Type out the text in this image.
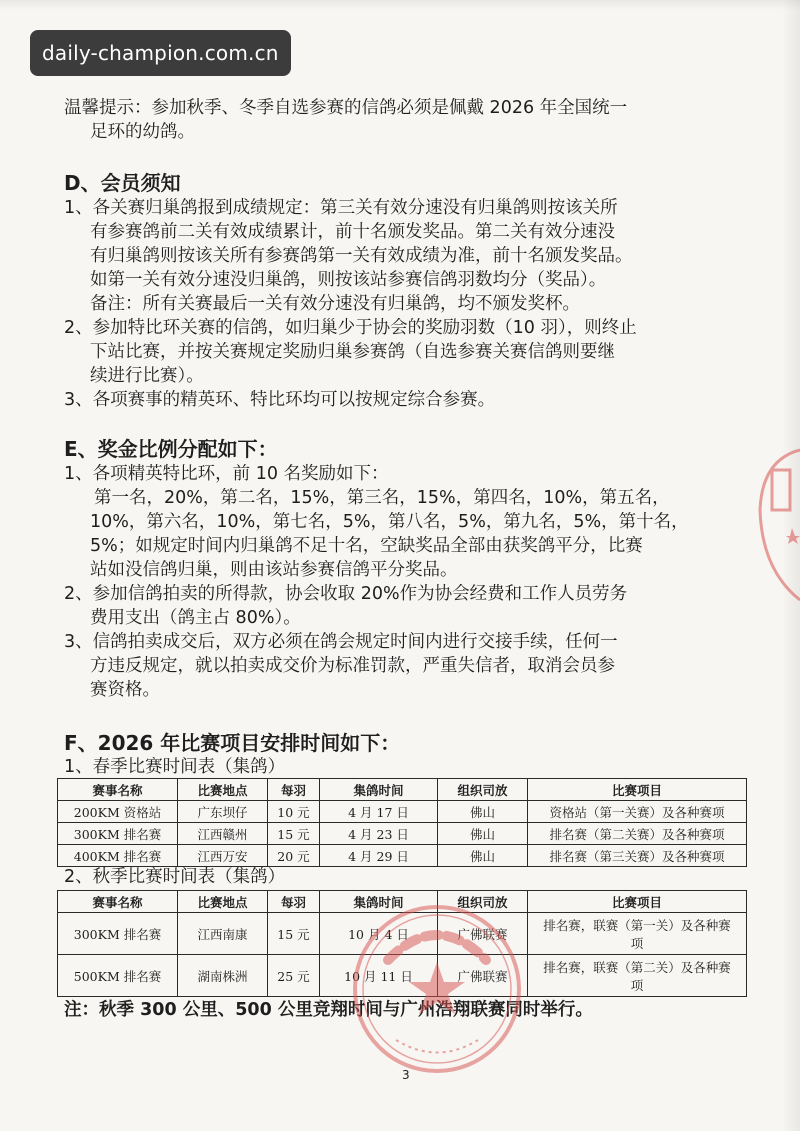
daily-champion.com.cn
温馨提示：参加秋季、冬季自选参赛的信鸽必须是佩戴 2026 年全国统一
足环的幼鸽。
D、会员须知
1、各关赛归巢鸽报到成绩规定：第三关有效分速没有归巢鸽则按该关所
有参赛鸽前二关有效成绩累计，前十名颁发奖品。第二关有效分速没
有归巢鸽则按该关所有参赛鸽第一关有效成绩为准，前十名颁发奖品。
如第一关有效分速没归巢鸽，则按该站参赛信鸽羽数均分（奖品）。
备注：所有关赛最后一关有效分速没有归巢鸽，均不颁发奖杯。
2、参加特比环关赛的信鸽，如归巢少于协会的奖励羽数（10 羽），则终止
下站比赛，并按关赛规定奖励归巢参赛鸽（自选参赛关赛信鸽则要继
续进行比赛）。
3、各项赛事的精英环、特比环均可以按规定综合参赛。
E、奖金比例分配如下：
1、各项精英特比环，前 10 名奖励如下：
第一名，20%，第二名，15%，第三名，15%，第四名，10%，第五名，
10%，第六名，10%，第七名，5%，第八名，5%，第九名，5%，第十名，
5%；如规定时间内归巢鸽不足十名，空缺奖品全部由获奖鸽平分，比赛
站如没信鸽归巢，则由该站参赛信鸽平分奖品。
2、参加信鸽拍卖的所得款，协会收取 20%作为协会经费和工作人员劳务
费用支出（鸽主占 80%）。
3、信鸽拍卖成交后，双方必须在鸽会规定时间内进行交接手续，任何一
方违反规定，就以拍卖成交价为标准罚款，严重失信者，取消会员参
赛资格。
F、2026 年比赛项目安排时间如下：
1、春季比赛时间表（集鸽）
赛事名称	比赛地点	每羽	集鸽时间	组织司放	比赛项目
200KM 资格站	广东坝仔	10 元	4 月 17 日	佛山	资格站（第一关赛）及各种赛项
300KM 排名赛	江西赣州	15 元	4 月 23 日	佛山	排名赛（第二关赛）及各种赛项
400KM 排名赛	江西万安	20 元	4 月 29 日	佛山	排名赛（第三关赛）及各种赛项
2、秋季比赛时间表（集鸽）
赛事名称	比赛地点	每羽	集鸽时间	组织司放	比赛项目
300KM 排名赛	江西南康	15 元	10 月 4 日	广佛联赛	排名赛，联赛（第一关）及各种赛
项

500KM 排名赛	湖南株洲	25 元	10 月 11 日	广佛联赛	排名赛，联赛（第二关）及各种赛
项
注：秋季 300 公里、500 公里竞翔时间与广州浩翔联赛同时举行。
3
